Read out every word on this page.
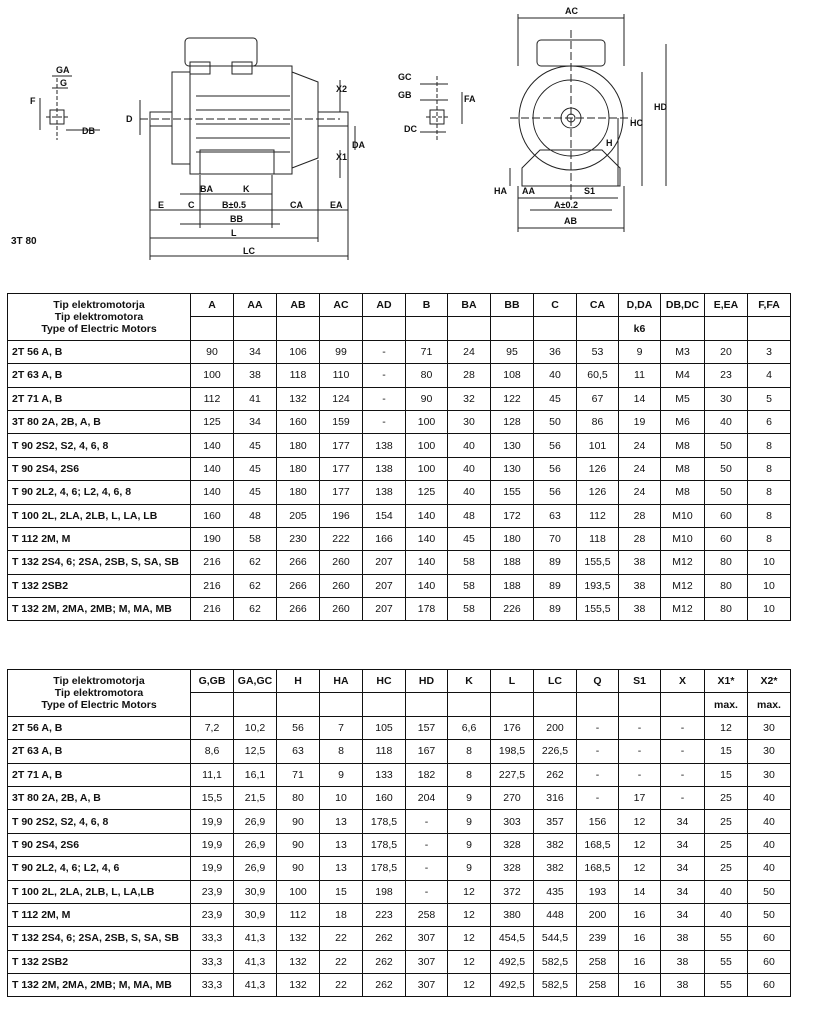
GA
G
F
DB
D
X2
DA
X1
BA	K
C	B±0.5	CA
E
BB
EA
L
LC
GC
GB	FA
DC
AC
HD
HC
H
HA AA	S1
A±0.2
AB
3T 80
Tip elektromotorja
Tip elektromotora
Type of Electric Motors	A	AA	AB	AC	AD	B	BA	BB	C	CA	D,DA	DB,DC	E,EA	F,FA
											k6			
2T 56 A, B	90	34	106	99	-	71	24	95	36	53	9	M3	20	3
2T 63 A, B	100	38	118	110	-	80	28	108	40	60,5	11	M4	23	4
2T 71 A, B	112	41	132	124	-	90	32	122	45	67	14	M5	30	5
3T 80 2A, 2B, A, B	125	34	160	159	-	100	30	128	50	86	19	M6	40	6
T 90 2S2, S2, 4, 6, 8	140	45	180	177	138	100	40	130	56	101	24	M8	50	8
T 90 2S4, 2S6	140	45	180	177	138	100	40	130	56	126	24	M8	50	8
T 90 2L2, 4, 6; L2, 4, 6, 8	140	45	180	177	138	125	40	155	56	126	24	M8	50	8
T 100 2L, 2LA, 2LB, L, LA, LB	160	48	205	196	154	140	48	172	63	112	28	M10	60	8
T 112 2M, M	190	58	230	222	166	140	45	180	70	118	28	M10	60	8
T 132 2S4, 6; 2SA, 2SB, S, SA, SB	216	62	266	260	207	140	58	188	89	155,5	38	M12	80	10
T 132 2SB2	216	62	266	260	207	140	58	188	89	193,5	38	M12	80	10
T 132 2M, 2MA, 2MB; M, MA, MB	216	62	266	260	207	178	58	226	89	155,5	38	M12	80	10
Tip elektromotorja
Tip elektromotora
Type of Electric Motors	G,GB	GA,GC	H	HA	HC	HD	K	L	LC	Q	S1	X	X1*	X2*
													max.	max.
2T 56 A, B	7,2	10,2	56	7	105	157	6,6	176	200	-	-	-	12	30
2T 63 A, B	8,6	12,5	63	8	118	167	8	198,5	226,5	-	-	-	15	30
2T 71 A, B	11,1	16,1	71	9	133	182	8	227,5	262	-	-	-	15	30
3T 80 2A, 2B, A, B	15,5	21,5	80	10	160	204	9	270	316	-	17	-	25	40
T 90 2S2, S2, 4, 6, 8	19,9	26,9	90	13	178,5	-	9	303	357	156	12	34	25	40
T 90 2S4, 2S6	19,9	26,9	90	13	178,5	-	9	328	382	168,5	12	34	25	40
T 90 2L2, 4, 6; L2, 4, 6	19,9	26,9	90	13	178,5	-	9	328	382	168,5	12	34	25	40
T 100 2L, 2LA, 2LB, L, LA,LB	23,9	30,9	100	15	198	-	12	372	435	193	14	34	40	50
T 112 2M, M	23,9	30,9	112	18	223	258	12	380	448	200	16	34	40	50
T 132 2S4, 6; 2SA, 2SB, S, SA, SB	33,3	41,3	132	22	262	307	12	454,5	544,5	239	16	38	55	60
T 132 2SB2	33,3	41,3	132	22	262	307	12	492,5	582,5	258	16	38	55	60
T 132 2M, 2MA, 2MB; M, MA, MB	33,3	41,3	132	22	262	307	12	492,5	582,5	258	16	38	55	60
